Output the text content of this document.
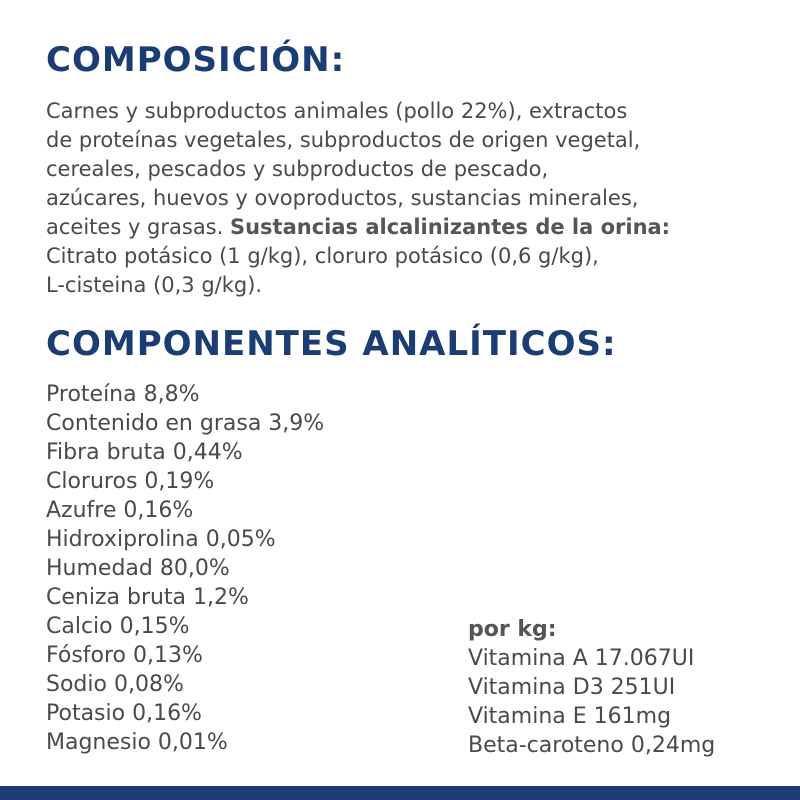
COMPOSICIÓN:

Carnes y subproductos animales (pollo 22%), extractos
de proteínas vegetales, subproductos de origen vegetal,
cereales, pescados y subproductos de pescado,
azúcares, huevos y ovoproductos, sustancias minerales,
aceites y grasas. Sustancias alcalinizantes de la orina:
Citrato potásico (1 g/kg), cloruro potásico (0,6 g/kg),
L-cisteina (0,3 g/kg).

COMPONENTES ANALÍTICOS:
Proteína 8,8%
Contenido en grasa 3,9%
Fibra bruta 0,44%
Cloruros 0,19%
Azufre 0,16%
Hidroxiprolina 0,05%
Humedad 80,0%
Ceniza bruta 1,2%
Calcio 0,15%
Fósforo 0,13%
Sodio 0,08%
Potasio 0,16%
Magnesio 0,01%
por kg:
Vitamina A 17.067UI
Vitamina D3 251UI
Vitamina E 161mg
Beta-caroteno 0,24mg
